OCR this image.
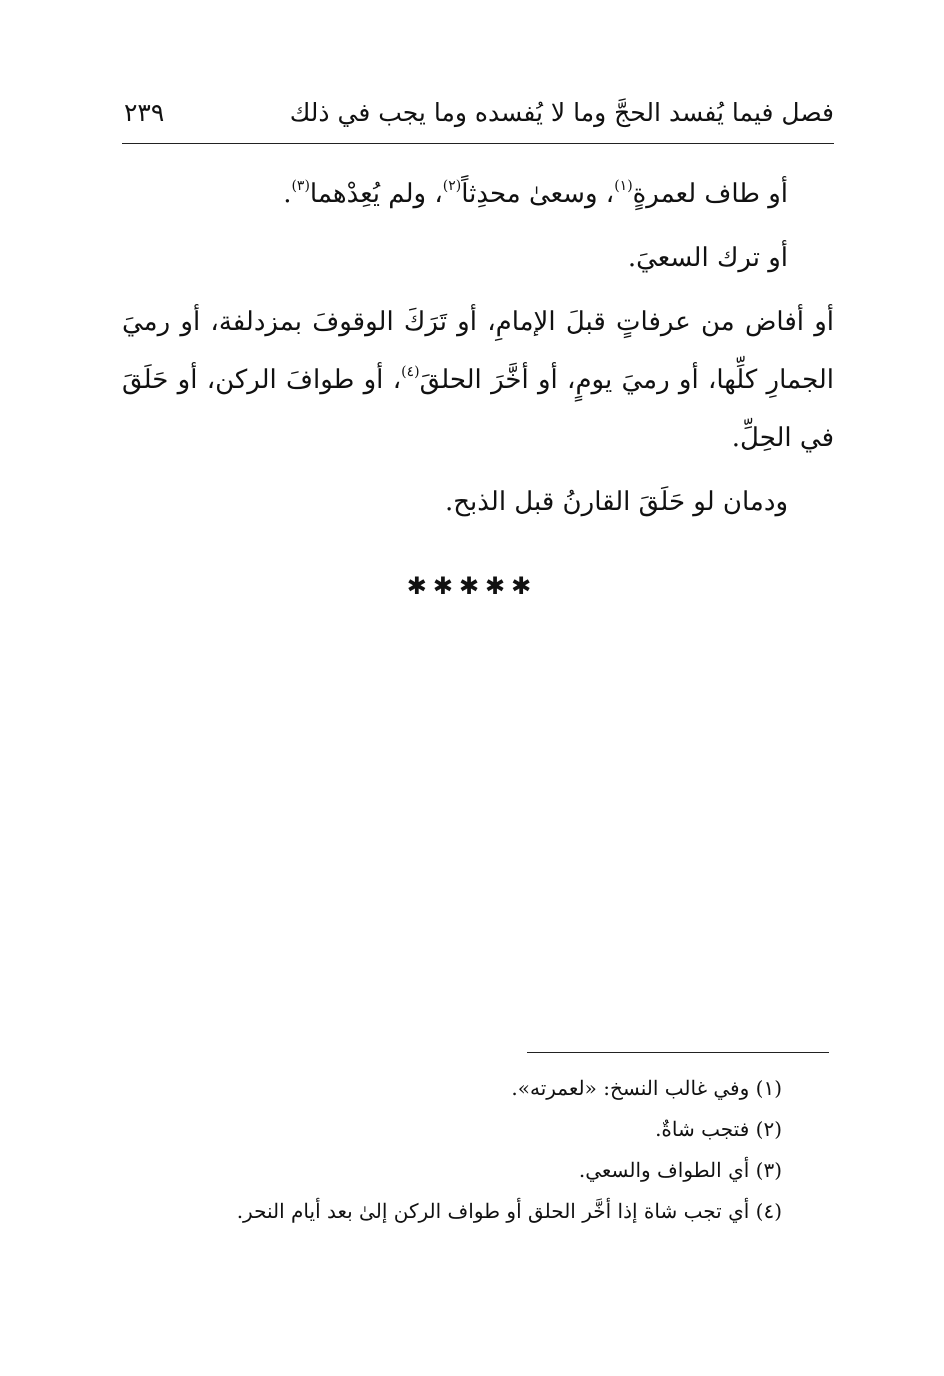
فصل فيما يُفسد الحجَّ وما لا يُفسده وما يجب في ذلك
٢٣٩

أو طاف لعمرةٍ$^{(١)}$، وسعىٰ محدِثاً$^{(٢)}$، ولم يُعِدْهما$^{(٣)}$.

أو ترك السعيَ.

أو أفاض من عرفاتٍ قبلَ الإمامِ، أو تَرَكَ الوقوفَ بمزدلفة، أو رميَ الجمارِ كلِّها، أو رميَ يومٍ، أو أخَّرَ الحلقَ$^{(٤)}$، أو طوافَ الركن، أو حَلَقَ في الحِلِّ.

ودمان لو حَلَقَ القارنُ قبل الذبح.

✱✱✱✱✱
(١) وفي غالب النسخ: «لعمرته».
(٢) فتجب شاةٌ.
(٣) أي الطواف والسعي.
(٤) أي تجب شاة إذا أخَّر الحلق أو طواف الركن إلىٰ بعد أيام النحر.
